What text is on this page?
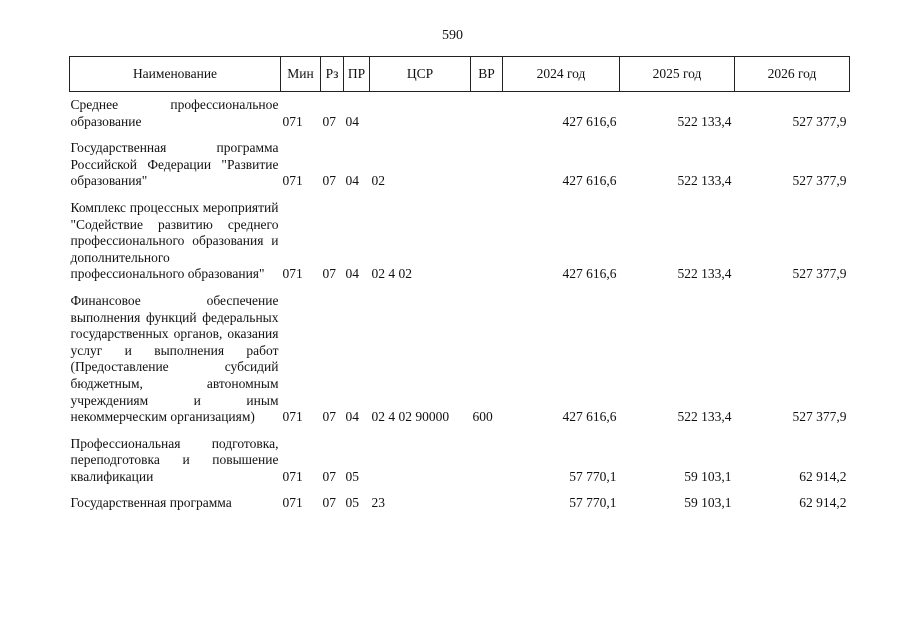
590
Наименование	Мин	Рз	ПР	ЦСР	ВР	2024 год	2025 год	2026 год
Среднее профессиональное образование	071	07	04			427 616,6	522 133,4	527 377,9
Государственная программа Российской Федерации "Развитие образования"	071	07	04	02		427 616,6	522 133,4	527 377,9
Комплекс процессных мероприятий "Содействие развитию среднего профессионального образования и дополнительного профессионального образования"	071	07	04	02 4 02		427 616,6	522 133,4	527 377,9
Финансовое обеспечение выполнения функций федеральных государственных органов, оказания услуг и выполнения работ (Предоставление субсидий бюджетным, автономным учреждениям и иным некоммерческим организациям)	071	07	04	02 4 02 90000	600	427 616,6	522 133,4	527 377,9
Профессиональная подготовка, переподготовка и повышение квалификации	071	07	05			57 770,1	59 103,1	62 914,2
Государственная программа	071	07	05	23		57 770,1	59 103,1	62 914,2
